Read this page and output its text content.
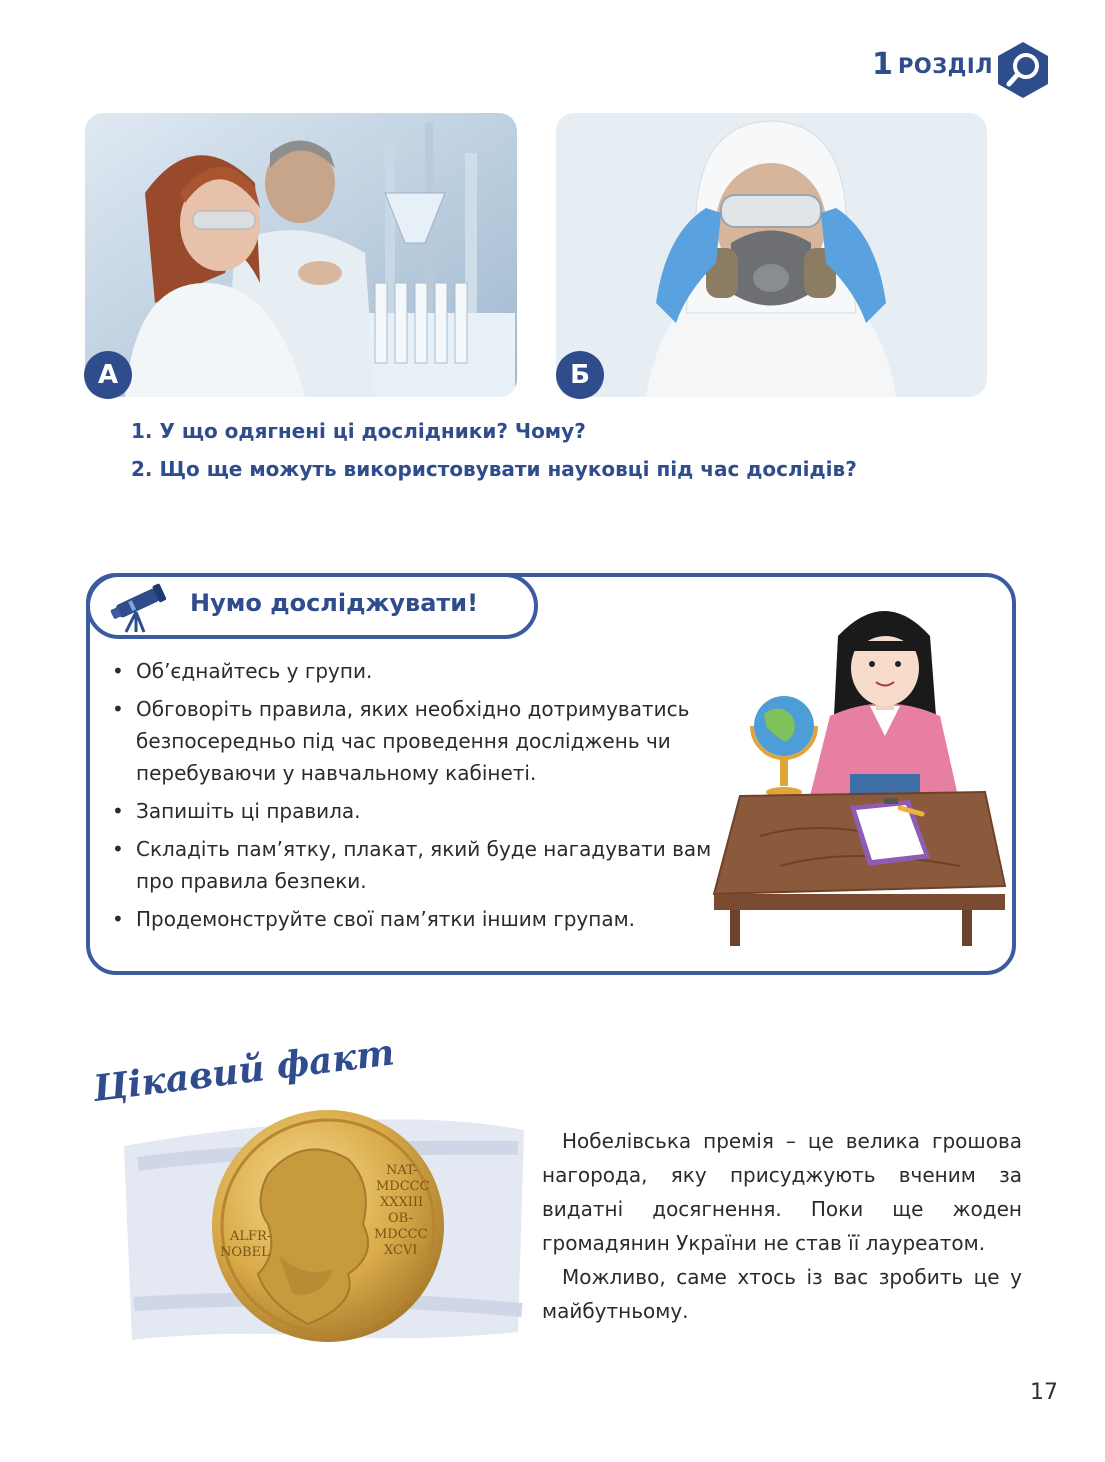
1 РОЗДІЛ
А	Б
1. У що одягнені ці дослідники? Чому?
2. Що ще можуть використовувати науковці під час дослідів?
Нумо досліджувати!
• Об’єднайтесь у групи.
• Обговоріть правила, яких необхідно дотримуватись безпосередньо під час проведення досліджень чи перебуваючи у навчальному кабінеті.
• Запишіть ці правила.
• Складіть пам’ятку, плакат, який буде нагадувати вам про правила безпеки.
• Продемонструйте свої пам’ятки іншим групам.
Цікавий факт
NAT-
MDCCC
XXXIII
OB-
MDCCC
XCVI
ALFR-
NOBEL

Нобелівська премія – це велика грошова нагорода, яку присуджують вченим за видатні досягнення. Поки ще жоден громадянин України не став її лауреатом.

Можливо, саме хтось із вас зробить це у майбутньому.

17
